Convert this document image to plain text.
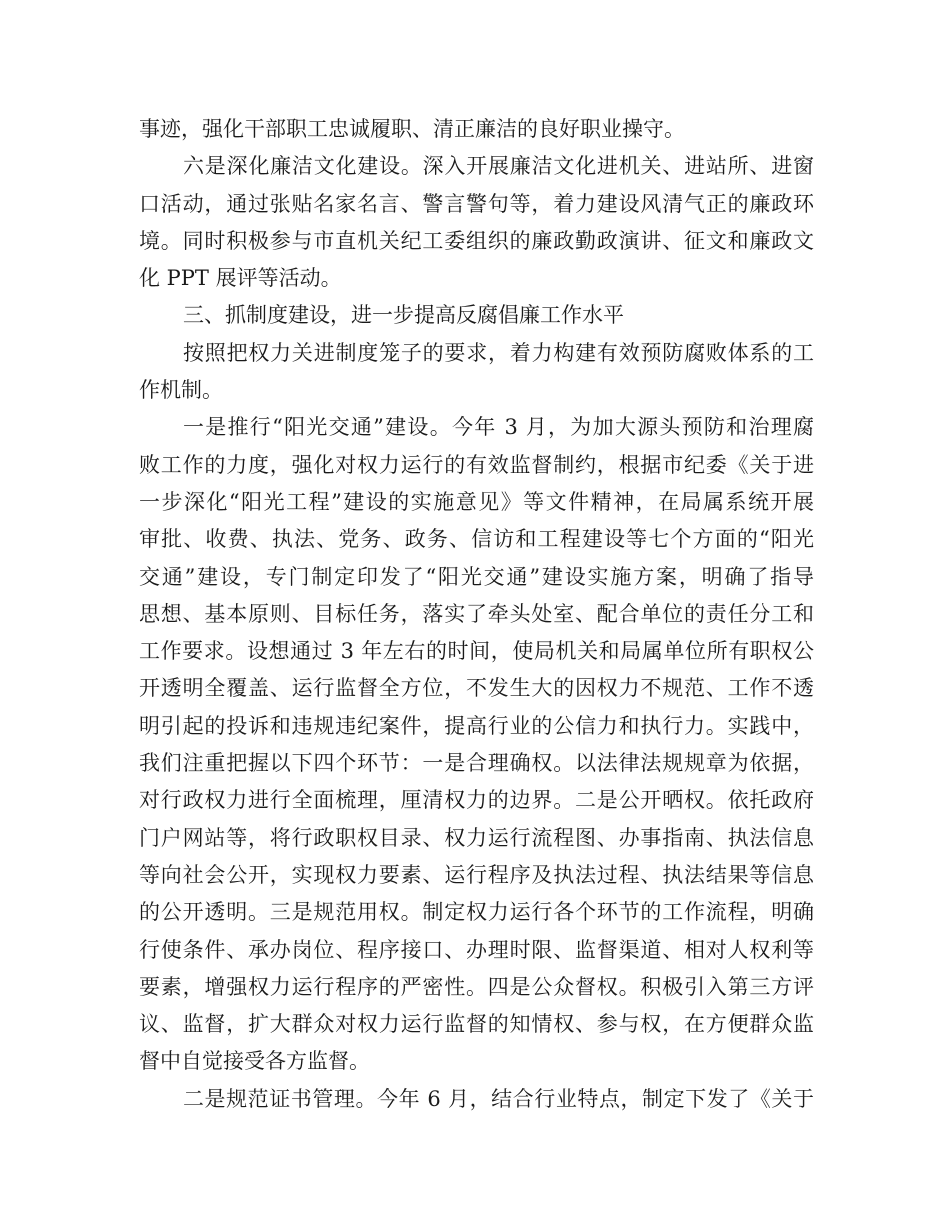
事迹，强化干部职工忠诚履职、清正廉洁的良好职业操守。
六是深化廉洁文化建设。深入开展廉洁文化进机关、进站所、进窗
口活动，通过张贴名家名言、警言警句等，着力建设风清气正的廉政环
境。同时积极参与市直机关纪工委组织的廉政勤政演讲、征文和廉政文
化 PPT 展评等活动。
三、抓制度建设，进一步提高反腐倡廉工作水平
按照把权力关进制度笼子的要求，着力构建有效预防腐败体系的工
作机制。
一是推行“阳光交通”建设。今年 3 月，为加大源头预防和治理腐
败工作的力度，强化对权力运行的有效监督制约，根据市纪委《关于进
一步深化“阳光工程”建设的实施意见》等文件精神，在局属系统开展
审批、收费、执法、党务、政务、信访和工程建设等七个方面的“阳光
交通”建设，专门制定印发了“阳光交通”建设实施方案，明确了指导
思想、基本原则、目标任务，落实了牵头处室、配合单位的责任分工和
工作要求。设想通过 3 年左右的时间，使局机关和局属单位所有职权公
开透明全覆盖、运行监督全方位，不发生大的因权力不规范、工作不透
明引起的投诉和违规违纪案件，提高行业的公信力和执行力。实践中，
我们注重把握以下四个环节：一是合理确权。以法律法规规章为依据，
对行政权力进行全面梳理，厘清权力的边界。二是公开晒权。依托政府
门户网站等，将行政职权目录、权力运行流程图、办事指南、执法信息
等向社会公开，实现权力要素、运行程序及执法过程、执法结果等信息
的公开透明。三是规范用权。制定权力运行各个环节的工作流程，明确
行使条件、承办岗位、程序接口、办理时限、监督渠道、相对人权利等
要素，增强权力运行程序的严密性。四是公众督权。积极引入第三方评
议、监督，扩大群众对权力运行监督的知情权、参与权，在方便群众监
督中自觉接受各方监督。
二是规范证书管理。今年 6 月，结合行业特点，制定下发了《关于
